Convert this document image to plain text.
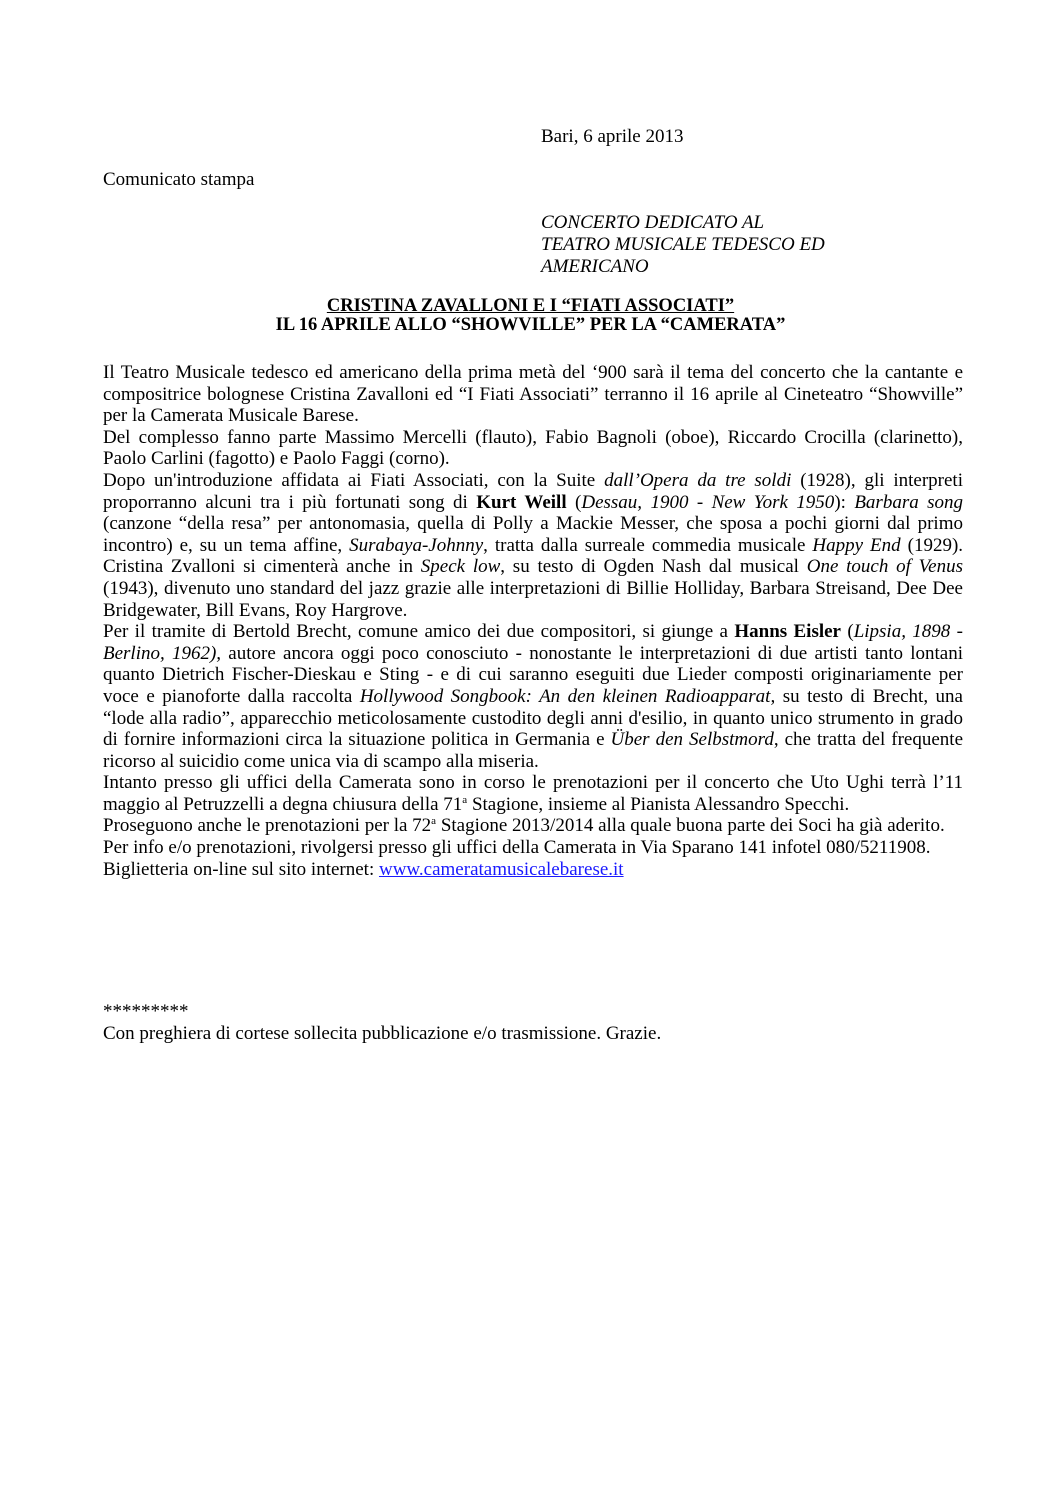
Bari, 6 aprile 2013
Comunicato stampa
CONCERTO DEDICATO AL
TEATRO MUSICALE TEDESCO ED
AMERICANO
CRISTINA ZAVALLONI E I “FIATI ASSOCIATI”
IL 16 APRILE ALLO “SHOWVILLE” PER LA “CAMERATA”

Il Teatro Musicale tedesco ed americano della prima metà del ‘900 sarà il tema del concerto che la cantante e compositrice bolognese Cristina Zavalloni ed “I Fiati Associati” terranno il 16 aprile al Cineteatro “Showville” per la Camerata Musicale Barese.

Del complesso fanno parte Massimo Mercelli (flauto), Fabio Bagnoli (oboe), Riccardo Crocilla (clarinetto), Paolo Carlini (fagotto) e Paolo Faggi (corno).

Dopo un'introduzione affidata ai Fiati Associati, con la Suite dall’Opera da tre soldi (1928), gli interpreti proporranno alcuni tra i più fortunati song di Kurt Weill (Dessau, 1900 - New York 1950): Barbara song (canzone “della resa” per antonomasia, quella di Polly a Mackie Messer, che sposa a pochi giorni dal primo incontro) e, su un tema affine, Surabaya-Johnny, tratta dalla surreale commedia musicale Happy End (1929). Cristina Zvalloni si cimenterà anche in Speck low, su testo di Ogden Nash dal musical One touch of Venus (1943), divenuto uno standard del jazz grazie alle interpretazioni di Billie Holliday, Barbara Streisand, Dee Dee Bridgewater, Bill Evans, Roy Hargrove.

Per il tramite di Bertold Brecht, comune amico dei due compositori, si giunge a Hanns Eisler (Lipsia, 1898 - Berlino, 1962), autore ancora oggi poco conosciuto - nonostante le interpretazioni di due artisti tanto lontani quanto Dietrich Fischer-Dieskau e Sting - e di cui saranno eseguiti due Lieder composti originariamente per voce e pianoforte dalla raccolta Hollywood Songbook: An den kleinen Radioapparat, su testo di Brecht, una “lode alla radio”, apparecchio meticolosamente custodito degli anni d'esilio, in quanto unico strumento in grado di fornire informazioni circa la situazione politica in Germania e Über den Selbstmord, che tratta del frequente ricorso al suicidio come unica via di scampo alla miseria.

Intanto presso gli uffici della Camerata sono in corso le prenotazioni per il concerto che Uto Ughi terrà l’11 maggio al Petruzzelli a degna chiusura della 71$^a$ Stagione, insieme al Pianista Alessandro Specchi.

Proseguono anche le prenotazioni per la 72$^a$ Stagione 2013/2014 alla quale buona parte dei Soci ha già aderito.

Per info e/o prenotazioni, rivolgersi presso gli uffici della Camerata in Via Sparano 141 infotel 080/5211908.

Biglietteria on-line sul sito internet: www.cameratamusicalebarese.it

*********
Con preghiera di cortese sollecita pubblicazione e/o trasmissione. Grazie.
